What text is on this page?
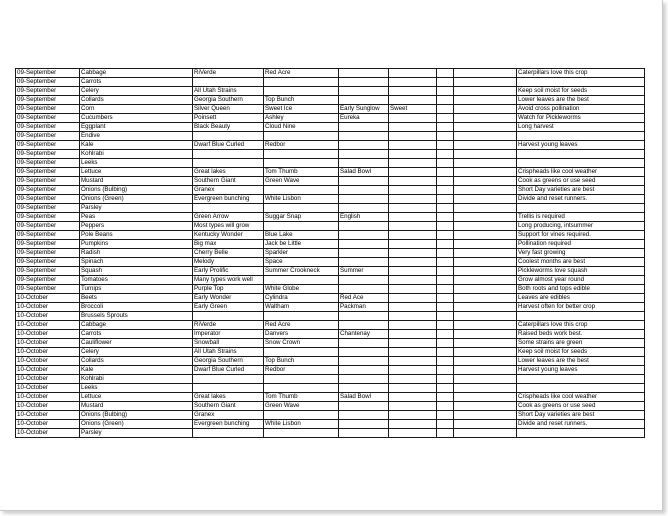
09-September	Cabbage	RiVerde	Red Acre					Caterpillars love this crop
09-September	Carrots							
09-September	Celery	All Utah Strains						Keep soil moist for seeds
09-September	Collards	Georgia Southern	Top Bunch					Lower leaves are the best
09-September	Corn	Silver Queen	Sweet Ice	Early Sunglow	Sweet			Avoid cross pollination
09-September	Cucumbers	Poinsett	Ashley	Eureka				Watch for Pickleworms
09-September	Eggplant	Black Beauty	Cloud Nine					Long harvest
09-September	Endive							
09-September	Kale	Dwarf Blue Curled	Redbor					Harvest young leaves
09-September	Kohlrabi							
09-September	Leeks							
09-September	Lettuce	Great lakes	Tom Thumb	Salad Bowl				Crispheads like cool weather
09-September	Mustard	Southern Giant	Green Wave					Cook as greens or use seed
09-September	Onions (Bulbing)	Granex						Short Day varieties are best
09-September	Onions (Green)	Evergreen bunching	White Lisbon					Divide and reset runners.
09-September	Parsley							
09-September	Peas	Green Arrow	Suggar Snap	English				Trellis is required
09-September	Peppers	Most types will grow						Long producing, intsummer
09-September	Pole Beans	Kentucky Wonder	Blue Lake					Support for vines required.
09-September	Pumpkins	Big max	Jack be Little					Pollination required
09-September	Radish	Cherry Belle	Sparkler					Very fast growing
09-September	Spinach	Melody	Space					Coolest months are best
09-September	Squash	Early Prolific	Summer Crookneck	Summer				Pickleworms love squash
09-September	Tomatoes	Many types work well						Grow almost year round
09-September	Turnips	Purple Top	White Globe					Both roots and tops edible
10-October	Beets	Early Wonder	Cylindra	Red Ace				Leaves are edibles
10-October	Broccoli	Early Green	Waltham	Packman				Harvest often for better crop
10-October	Brussels Sprouts							
10-October	Cabbage	RiVerde	Red Acre					Caterpillars love this crop
10-October	Carrots	Imperator	Danvers	Chantenay				Raised beds work best.
10-October	Cauliflower	Snowball	Snow Crown					Some strains are green
10-October	Celery	All Utah Strains						Keep soil moist for seeds
10-October	Collards	Georgia Southern	Top Bunch					Lower leaves are the best
10-October	Kale	Dwarf Blue Curled	Redbor					Harvest young leaves
10-October	Kohlrabi							
10-October	Leeks							
10-October	Lettuce	Great lakes	Tom Thumb	Salad Bowl				Crispheads like cool weather
10-October	Mustard	Southern Giant	Green Wave					Cook as greens or use seed
10-October	Onions (Bulbing)	Granex						Short Day varieties are best
10-October	Onions (Green)	Evergreen bunching	White Lisbon					Divide and reset runners.
10-October	Parsley							
